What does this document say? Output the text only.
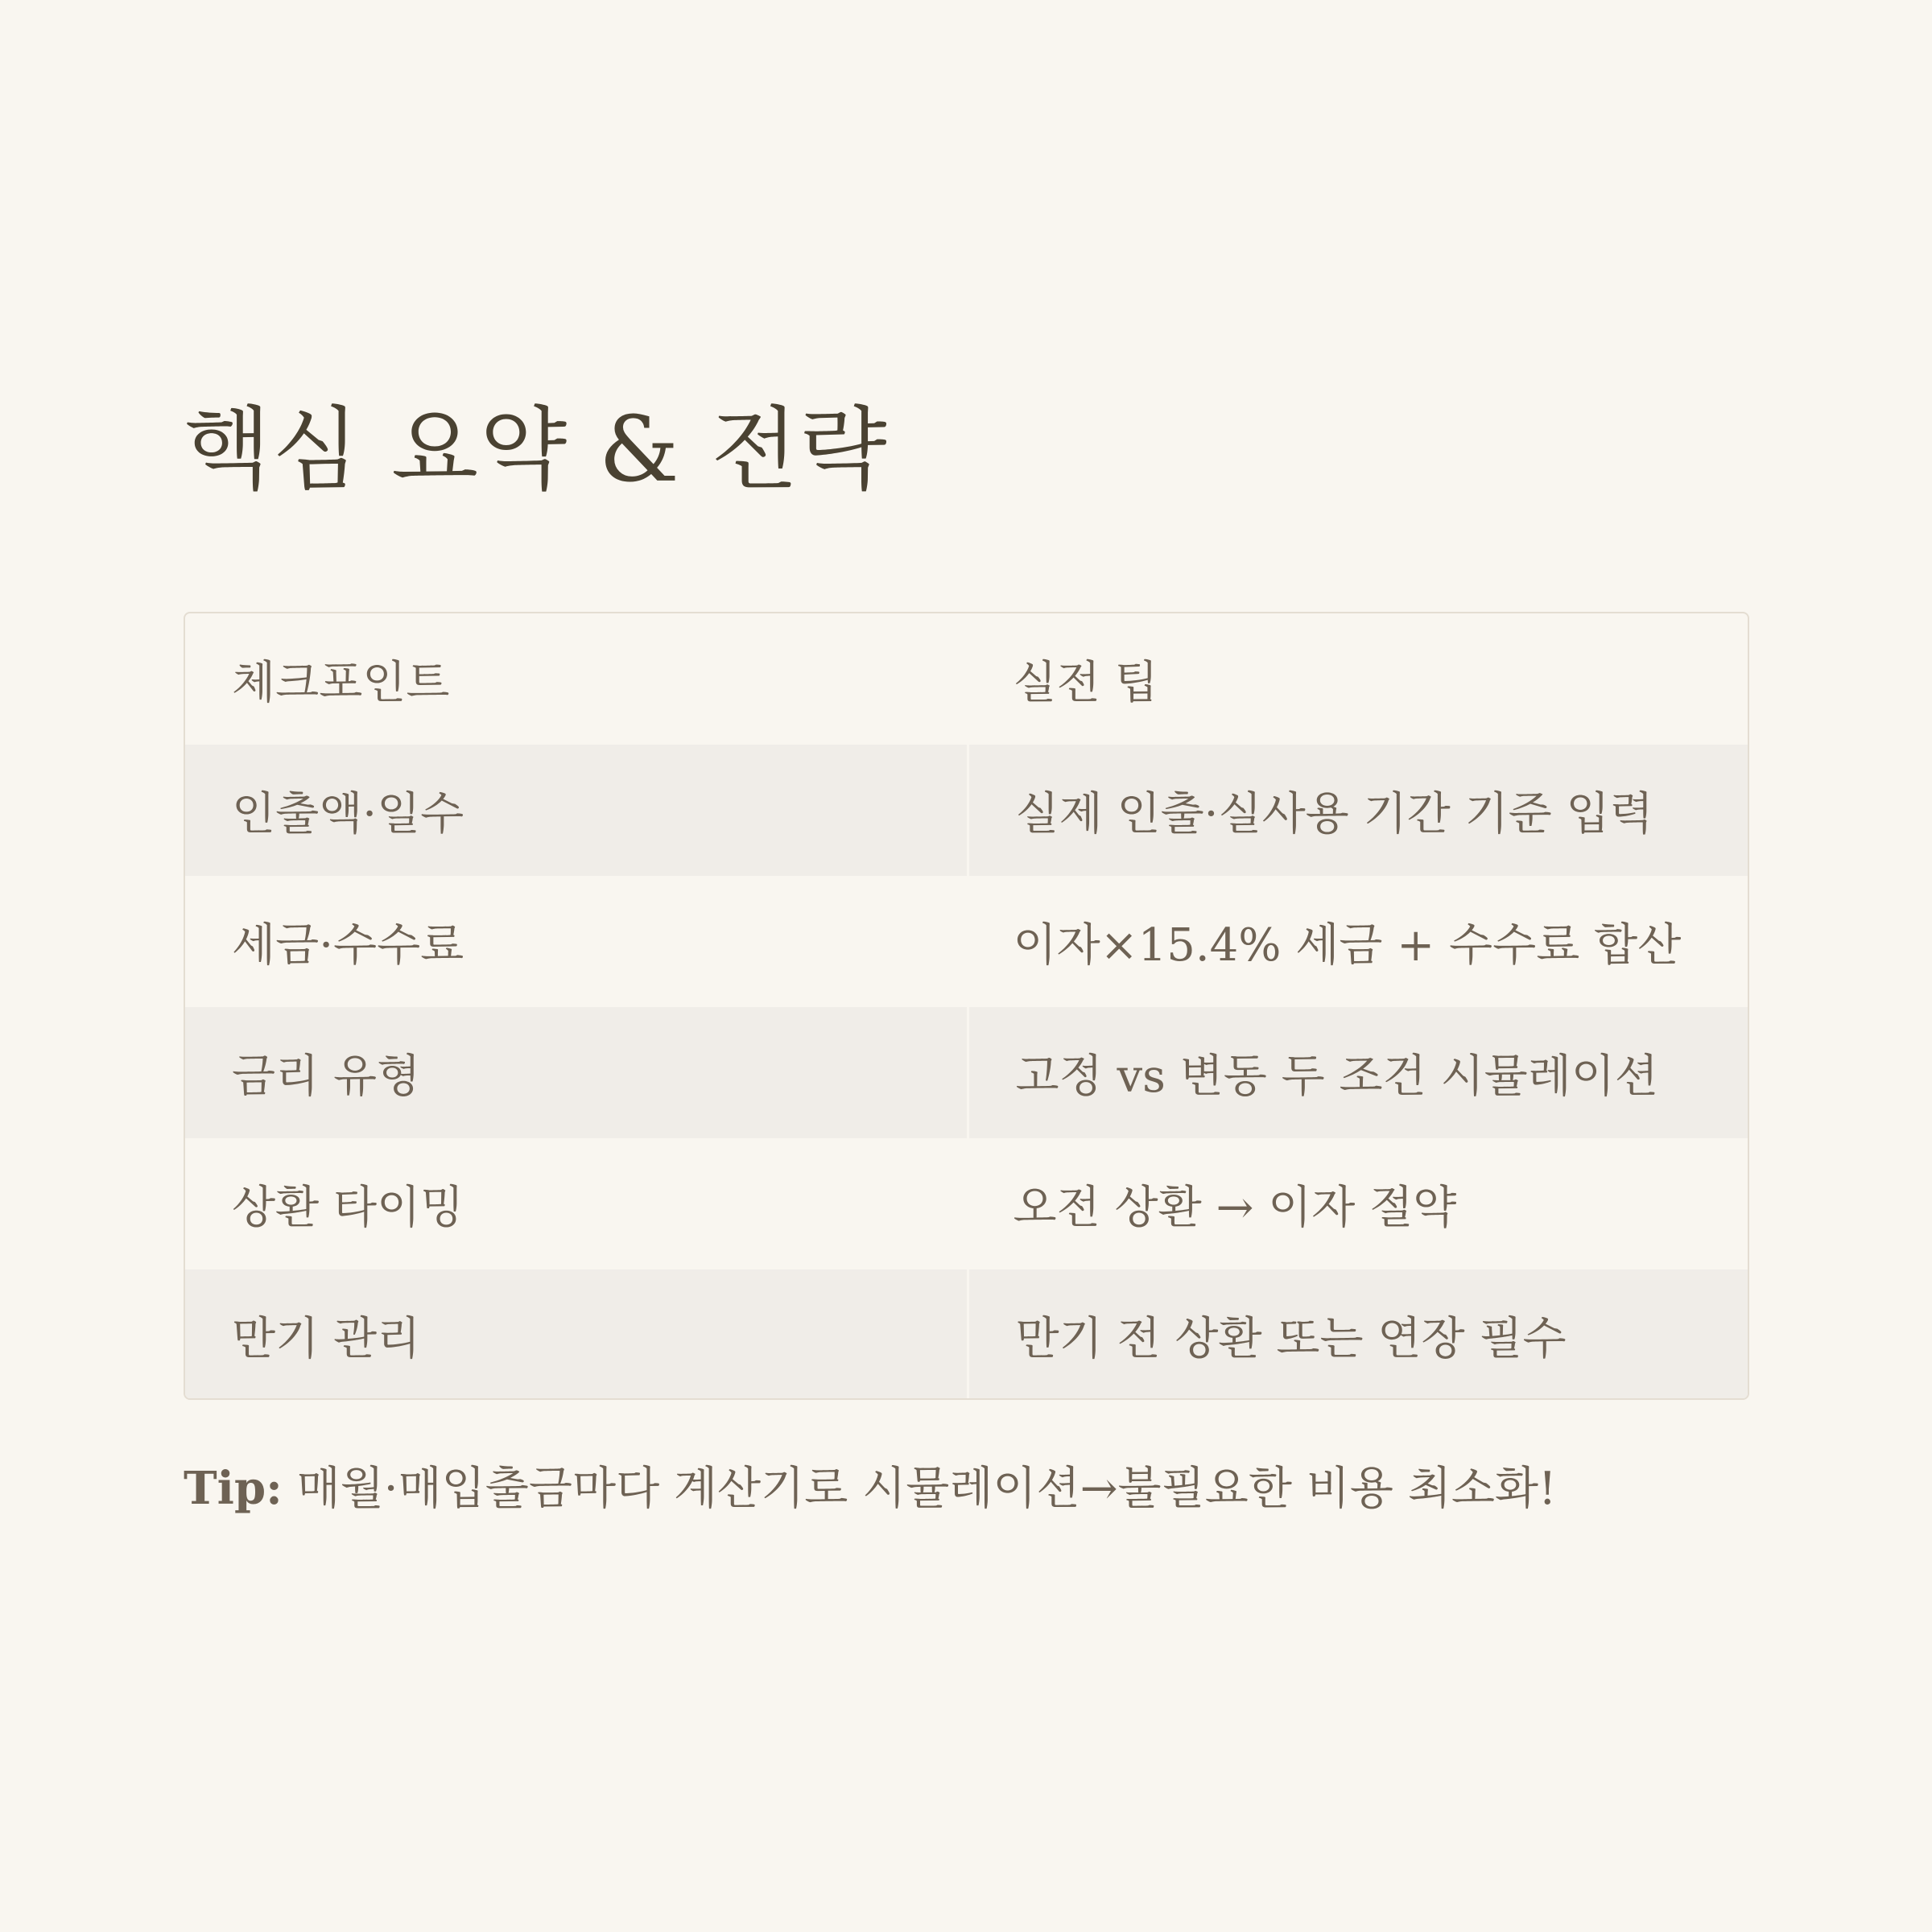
핵심 요약 & 전략
체크포인트	실전 팁
인출액·일수	실제 인출·실사용 기간 기준 입력
세금·수수료	이자×15.4% 세금 + 수수료 합산
금리 유형	고정 vs 변동 두 조건 시뮬레이션
상환 타이밍	오전 상환 → 이자 절약
만기 관리	만기 전 상환 또는 연장 필수

Tip: 매월·매입출금마다 계산기로 시뮬레이션→불필요한 비용 최소화!
